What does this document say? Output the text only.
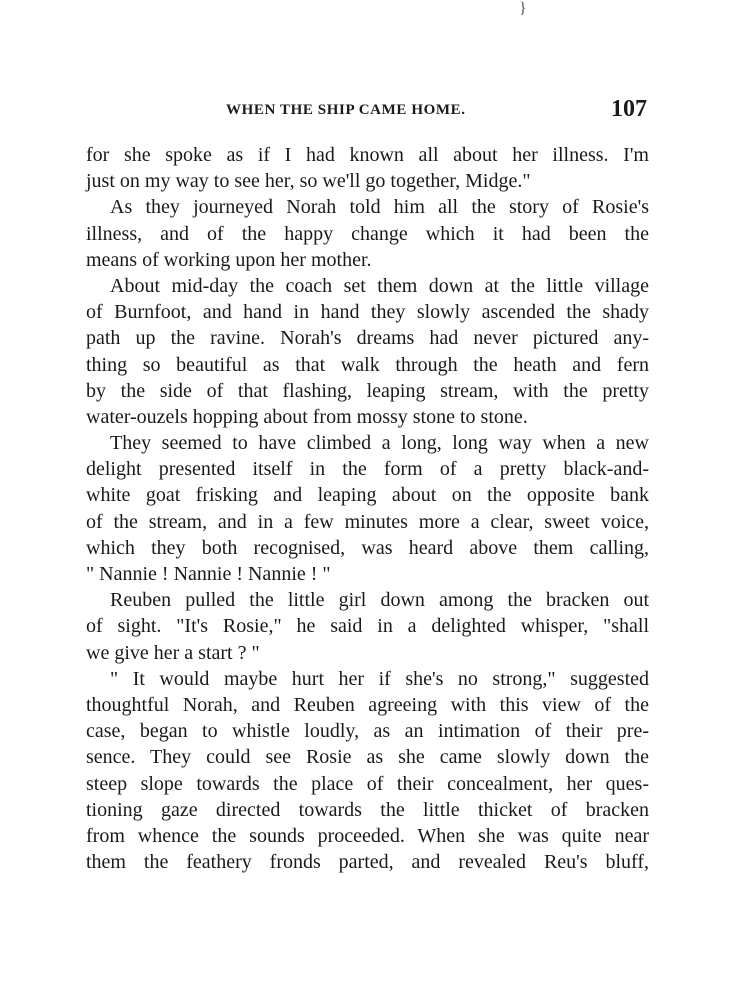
}
WHEN THE SHIP CAME HOME.	107
for she spoke as if I had known all about her illness. I'm
just on my way to see her, so we'll go together, Midge."
As they journeyed Norah told him all the story of Rosie's
illness, and of the happy change which it had been the
means of working upon her mother.
About mid-day the coach set them down at the little village
of Burnfoot, and hand in hand they slowly ascended the shady
path up the ravine. Norah's dreams had never pictured any-
thing so beautiful as that walk through the heath and fern
by the side of that flashing, leaping stream, with the pretty
water-ouzels hopping about from mossy stone to stone.
They seemed to have climbed a long, long way when a new
delight presented itself in the form of a pretty black-and-
white goat frisking and leaping about on the opposite bank
of the stream, and in a few minutes more a clear, sweet voice,
which they both recognised, was heard above them calling,
" Nannie ! Nannie ! Nannie ! "
Reuben pulled the little girl down among the bracken out
of sight. "It's Rosie," he said in a delighted whisper, "shall
we give her a start ? "
" It would maybe hurt her if she's no strong," suggested
thoughtful Norah, and Reuben agreeing with this view of the
case, began to whistle loudly, as an intimation of their pre-
sence. They could see Rosie as she came slowly down the
steep slope towards the place of their concealment, her ques-
tioning gaze directed towards the little thicket of bracken
from whence the sounds proceeded. When she was quite near
them the feathery fronds parted, and revealed Reu's bluff,
